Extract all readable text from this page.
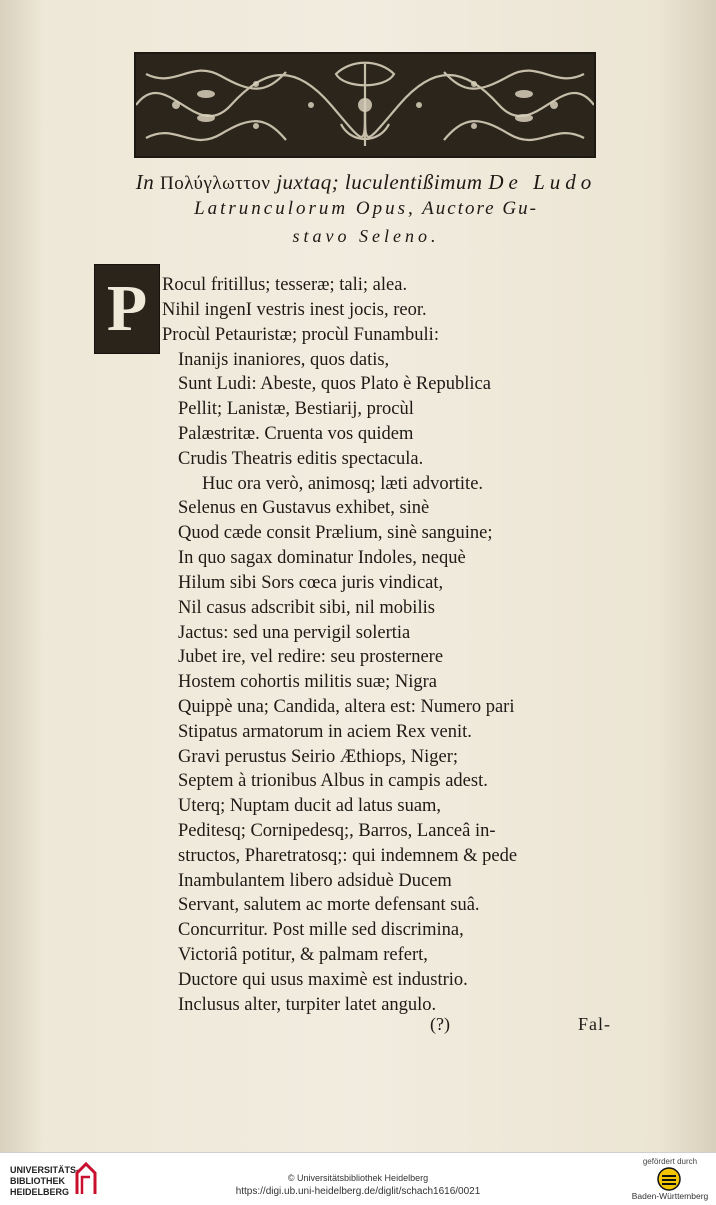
In Πολύγλωττον juxtaq; luculentißimum De Ludo
Latrunculorum Opus, Auctore Gu-
stavo Seleno.
P Rocul fritillus; tesseræ; tali; alea.

Nihil ingenI vestris inest jocis, reor.

Procùl Petauristæ; procùl Funambuli:

Inanijs inaniores, quos datis,

Sunt Ludi: Abeste, quos Plato è Republica

Pellit; Lanistæ, Bestiarij, procùl

Palæstritæ. Cruenta vos quidem

Crudis Theatris editis spectacula.

Huc ora verò, animosq; læti advortite.

Selenus en Gustavus exhibet, sinè

Quod cæde consit Prælium, sinè sanguine;

In quo sagax dominatur Indoles, nequè

Hilum sibi Sors cœca juris vindicat,

Nil casus adscribit sibi, nil mobilis

Jactus: sed una pervigil solertia

Jubet ire, vel redire: seu prosternere

Hostem cohortis militis suæ; Nigra

Quippè una; Candida, altera est: Numero pari

Stipatus armatorum in aciem Rex venit.

Gravi perustus Seirio Æthiops, Niger;

Septem à trionibus Albus in campis adest.

Uterq; Nuptam ducit ad latus suam,

Peditesq; Cornipedesq;, Barros, Lanceâ in-

structos, Pharetratosq;: qui indemnem & pede

Inambulantem libero adsiduè Ducem

Servant, salutem ac morte defensant suâ.

Concurritur. Post mille sed discrimina,

Victoriâ potitur, & palmam refert,

Ductore qui usus maximè est industrio.

Inclusus alter, turpiter latet angulo.

(?)	Fal-
UNIVERSITÄTS-
BIBLIOTHEK
HEIDELBERG
© Universitätsbibliothek Heidelberg
https://digi.ub.uni-heidelberg.de/diglit/schach1616/0021
gefördert durch
Baden-Württemberg
